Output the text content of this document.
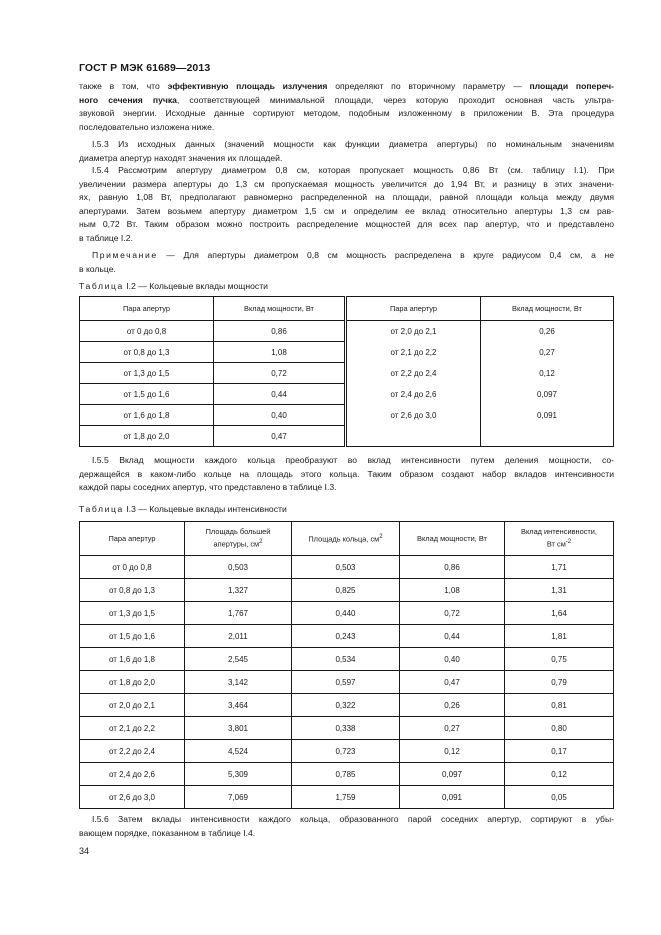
ГОСТ Р МЭК 61689—2013
также в том, что эффективную площадь излучения определяют по вторичному параметру — площади попереч-
ного сечения пучка, соответствующей минимальной площади, через которую проходит основная часть ультра-
звуковой энергии. Исходные данные сортируют методом, подобным изложенному в приложении В. Эта процедура
последовательно изложена ниже.
I.5.3 Из исходных данных (значений мощности как функции диаметра апертуры) по номинальным значениям
диаметра апертур находят значения их площадей.
I.5.4 Рассмотрим апертуру диаметром 0,8 см, которая пропускает мощность 0,86 Вт (см. таблицу I.1). При
увеличении размера апертуры до 1,3 см пропускаемая мощность увеличится до 1,94 Вт, и разницу в этих значени-
ях, равную 1,08 Вт, предполагают равномерно распределенной на площади, равной площади кольца между двумя
апертурами. Затем возьмем апертуру диаметром 1,5 см и определим ее вклад относительно апертуры 1,3 см рав-
ным 0,72 Вт. Таким образом можно построить распределение мощностей для всех пар апертур, что и представлено
в таблице I.2.
Примечание — Для апертуры диаметром 0,8 см мощность распределена в круге радиусом 0,4 см, а не
в кольце.
Таблица I.2 — Кольцевые вклады мощности
Пара апертур	Вклад мощности, Вт
от 0 до 0,8	0,86
от 0,8 до 1,3	1,08
от 1,3 до 1,5	0,72
от 1,5 до 1,6	0,44
от 1,6 до 1,8	0,40
от 1,8 до 2,0	0,47
Пара апертур	Вклад мощности, Вт
от 2,0 до 2,1	0,26
от 2,1 до 2,2	0,27
от 2,2 до 2,4	0,12
от 2,4 до 2,6	0,097
от 2,6 до 3,0	0,091

I.5.5 Вклад мощности каждого кольца преобразуют во вклад интенсивности путем деления мощности, со-
держащейся в каком-либо кольце на площадь этого кольца. Таким образом создают набор вкладов интенсивности
каждой пары соседних апертур, что представлено в таблице I.3.
Таблица I.3 — Кольцевые вклады интенсивности
Пара апертур	Площадь большей
апертуры, $см^2$	Площадь кольца, $см^2$	Вклад мощности, Вт	Вклад интенсивности,
Вт $см^{-2}$
от 0 до 0,8	0,503	0,503	0,86	1,71
от 0,8 до 1,3	1,327	0,825	1,08	1,31
от 1,3 до 1,5	1,767	0,440	0,72	1,64
от 1,5 до 1,6	2,011	0,243	0,44	1,81
от 1,6 до 1,8	2,545	0,534	0,40	0,75
от 1,8 до 2,0	3,142	0,597	0,47	0,79
от 2,0 до 2,1	3,464	0,322	0,26	0,81
от 2,1 до 2,2	3,801	0,338	0,27	0,80
от 2,2 до 2,4	4,524	0,723	0,12	0,17
от 2,4 до 2,6	5,309	0,785	0,097	0,12
от 2,6 до 3,0	7,069	1,759	0,091	0,05
I.5.6 Затем вклады интенсивности каждого кольца, образованного парой соседних апертур, сортируют в убы-
вающем порядке, показанном в таблице I.4.
34
